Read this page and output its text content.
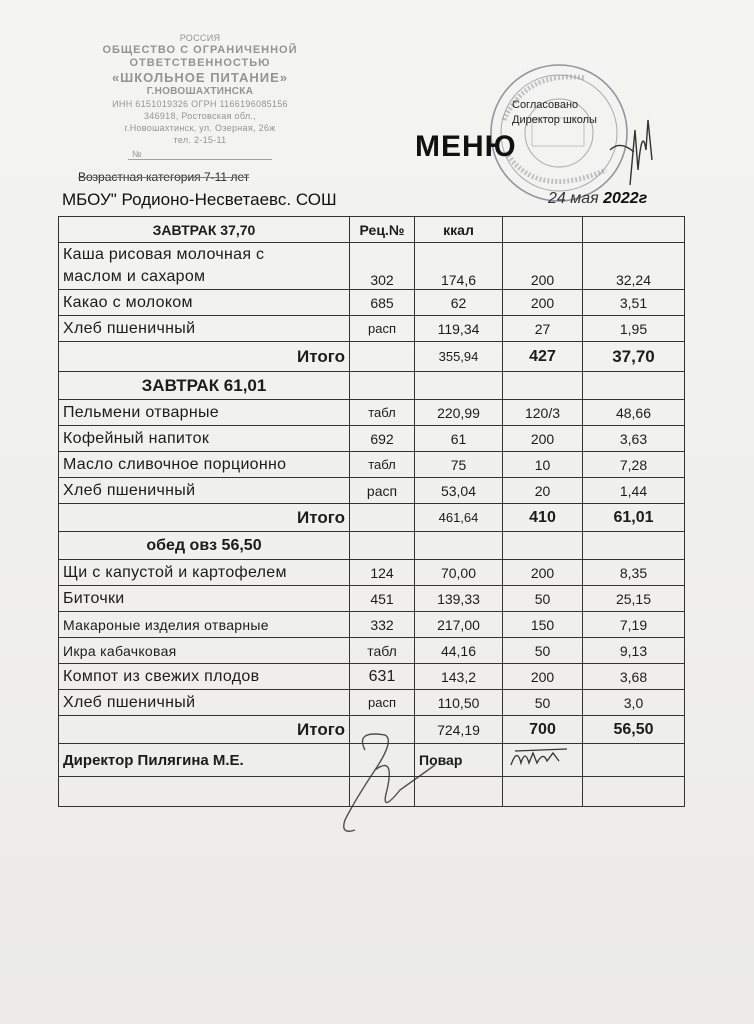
РОССИЯ
ОБЩЕСТВО С ОГРАНИЧЕННОЙ
ОТВЕТСТВЕННОСТЬЮ
«ШКОЛЬНОЕ ПИТАНИЕ»
Г.НОВОШАХТИНСКА
ИНН 6151019326 ОГРН 1166196085156
346918, Ростовская обл.,
г.Новошахтинск, ул. Озерная, 26ж
тел. 2-15-11
№
Согласовано
Директор школы
МЕНЮ
Возрастная категория 7-11 лет
МБОУ" Родионо-Несветаевс. СОШ	24 мая 2022г
ЗАВТРАК 37,70	Рец.№	ккал		

Каша рисовая молочная с
маслом и сахаром	302	174,6	200	32,24
Какао с молоком	685	62	200	3,51
Хлеб пшеничный	расп	119,34	27	1,95
Итого		355,94	427	37,70
ЗАВТРАК 61,01				
Пельмени отварные	табл	220,99	120/3	48,66
Кофейный напиток	692	61	200	3,63
Масло сливочное порционно	табл	75	10	7,28
Хлеб пшеничный	расп	53,04	20	1,44
Итого		461,64	410	61,01
обед овз 56,50				
Щи с капустой и картофелем	124	70,00	200	8,35
Биточки	451	139,33	50	25,15
Макароные изделия отварные	332	217,00	150	7,19
Икра кабачковая	табл	44,16	50	9,13
Компот из свежих плодов	631	143,2	200	3,68
Хлеб пшеничный	расп	110,50	50	3,0
Итого		724,19	700	56,50
Директор Пилягина М.Е.		Повар		
